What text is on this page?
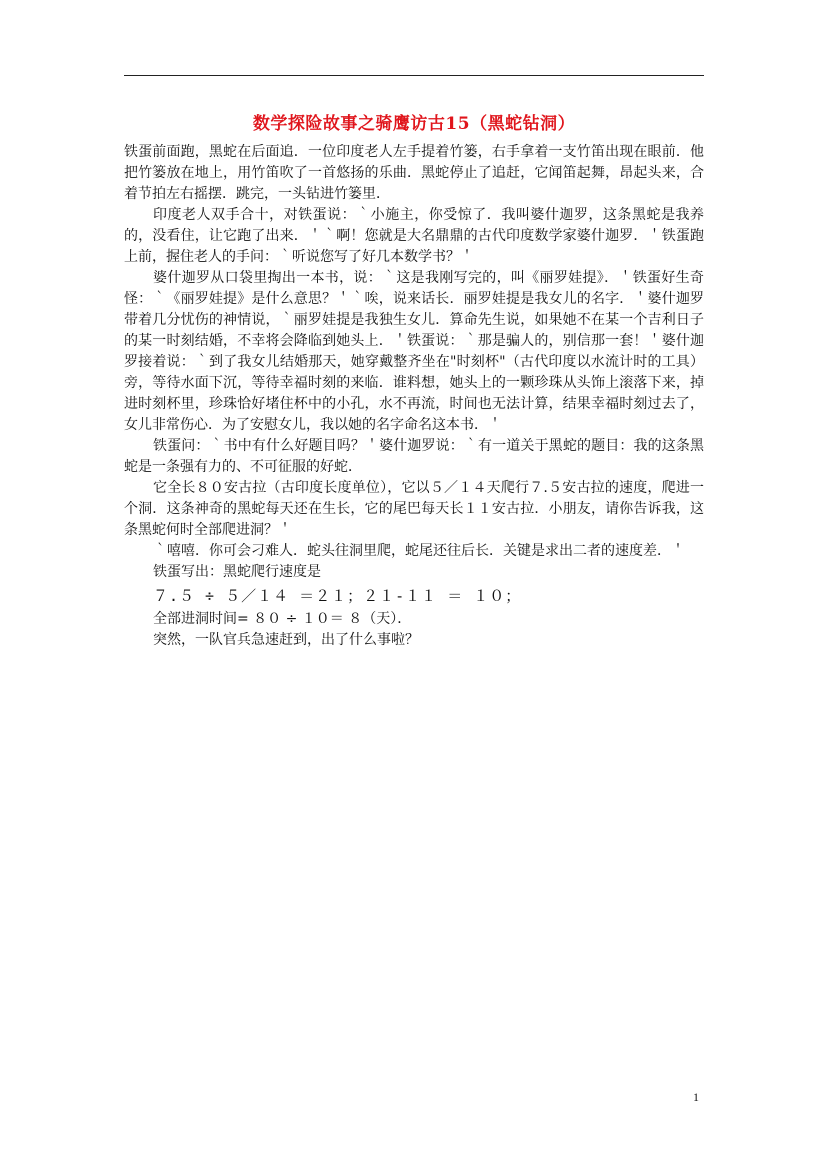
数学探险故事之骑鹰访古15（黑蛇钻洞）

铁蛋前面跑，黑蛇在后面追．一位印度老人左手提着竹篓，右手拿着一支竹笛出现在眼前．他把竹篓放在地上，用竹笛吹了一首悠扬的乐曲．黑蛇停止了追赶，它闻笛起舞，昂起头来，合着节拍左右摇摆．跳完，一头钻进竹篓里．

印度老人双手合十，对铁蛋说：｀小施主，你受惊了．我叫婆什迦罗，这条黑蛇是我养的，没看住，让它跑了出来．＇｀啊！您就是大名鼎鼎的古代印度数学家婆什迦罗．＇铁蛋跑上前，握住老人的手问：｀听说您写了好几本数学书？＇

婆什迦罗从口袋里掏出一本书，说：｀这是我刚写完的，叫《丽罗娃提》．＇铁蛋好生奇怪：｀《丽罗娃提》是什么意思？＇｀唉，说来话长．丽罗娃提是我女儿的名字．＇婆什迦罗带着几分忧伤的神情说，｀丽罗娃提是我独生女儿．算命先生说，如果她不在某一个吉利日子的某一时刻结婚，不幸将会降临到她头上．＇铁蛋说：｀那是骗人的，别信那一套！＇婆什迦罗接着说：｀到了我女儿结婚那天，她穿戴整齐坐在"时刻杯"（古代印度以水流计时的工具）旁，等待水面下沉，等待幸福时刻的来临．谁料想，她头上的一颗珍珠从头饰上滚落下来，掉进时刻杯里，珍珠恰好堵住杯中的小孔，水不再流，时间也无法计算，结果幸福时刻过去了，女儿非常伤心．为了安慰女儿，我以她的名字命名这本书．＇

铁蛋问：｀书中有什么好题目吗？＇婆什迦罗说：｀有一道关于黑蛇的题目：我的这条黑蛇是一条强有力的、不可征服的好蛇．

它全长８０安古拉（古印度长度单位），它以５／１４天爬行７.５安古拉的速度，爬进一个洞．这条神奇的黑蛇每天还在生长，它的尾巴每天长１１安古拉．小朋友，请你告诉我，这条黑蛇何时全部爬进洞？＇

｀嘻嘻．你可会刁难人．蛇头往洞里爬，蛇尾还往后长．关键是求出二者的速度差．＇

铁蛋写出：黑蛇爬行速度是

７.５ ÷ ５／１４ ＝２１；２１-１１ ＝ １０；

全部进洞时间= ８０ ÷ １０＝ ８（天）．

突然，一队官兵急速赶到，出了什么事啦？

1
